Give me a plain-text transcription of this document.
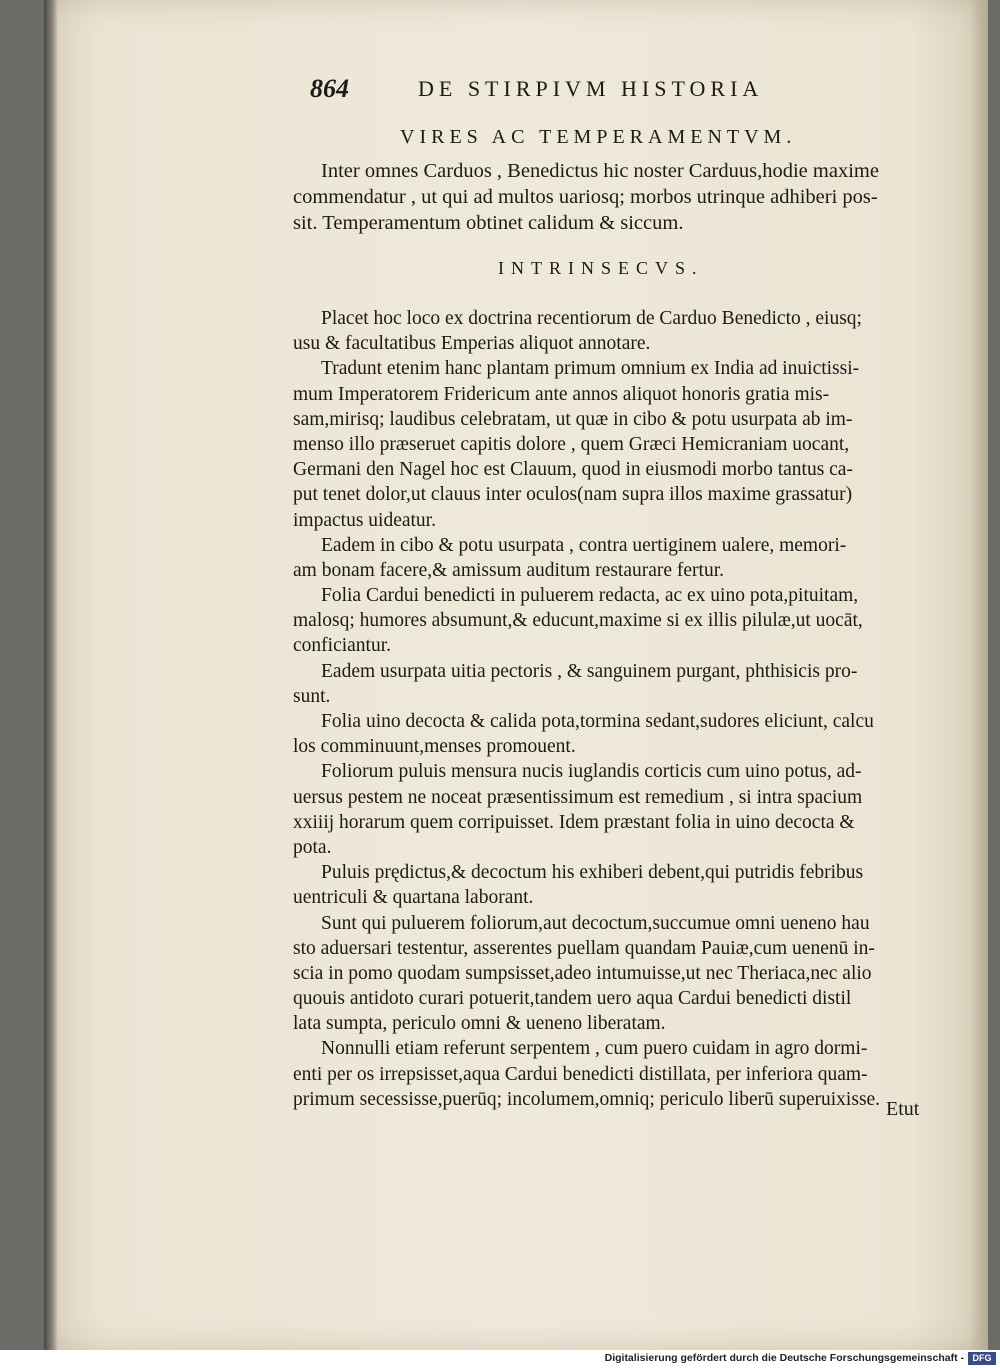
864	DE STIRPIVM HISTORIA
VIRES AC TEMPERAMENTVM.
Inter omnes Carduos , Benedictus hic noster Carduus,hodie maxime
commendatur , ut qui ad multos uariosq; morbos utrinque adhiberi pos-
sit. Temperamentum obtinet calidum & siccum.
INTRINSECVS.
Placet hoc loco ex doctrina recentiorum de Carduo Benedicto , eiusq;
usu & facultatibus Emperias aliquot annotare.
Tradunt etenim hanc plantam primum omnium ex India ad inuictissi-
mum Imperatorem Fridericum ante annos aliquot honoris gratia mis-
sam,mirisq; laudibus celebratam, ut quæ in cibo & potu usurpata ab im-
menso illo præseruet capitis dolore , quem Græci Hemicraniam uocant,
Germani den Nagel hoc est Clauum, quod in eiusmodi morbo tantus ca-
put tenet dolor,ut clauus inter oculos(nam supra illos maxime grassatur)
impactus uideatur.
Eadem in cibo & potu usurpata , contra uertiginem ualere, memori-
am bonam facere,& amissum auditum restaurare fertur.
Folia Cardui benedicti in puluerem redacta, ac ex uino pota,pituitam,
malosq; humores absumunt,& educunt,maxime si ex illis pilulæ,ut uocāt,
conficiantur.
Eadem usurpata uitia pectoris , & sanguinem purgant, phthisicis pro-
sunt.
Folia uino decocta & calida pota,tormina sedant,sudores eliciunt, calcu
los comminuunt,menses promouent.
Foliorum puluis mensura nucis iuglandis corticis cum uino potus, ad-
uersus pestem ne noceat præsentissimum est remedium , si intra spacium
xxiiij horarum quem corripuisset. Idem præstant folia in uino decocta &
pota.
Puluis prędictus,& decoctum his exhiberi debent,qui putridis febribus
uentriculi & quartana laborant.
Sunt qui puluerem foliorum,aut decoctum,succumue omni ueneno hau
sto aduersari testentur, asserentes puellam quandam Pauiæ,cum uenenū in-
scia in pomo quodam sumpsisset,adeo intumuisse,ut nec Theriaca,nec alio
quouis antidoto curari potuerit,tandem uero aqua Cardui benedicti distil
lata sumpta, periculo omni & ueneno liberatam.
Nonnulli etiam referunt serpentem , cum puero cuidam in agro dormi-
enti per os irrepsisset,aqua Cardui benedicti distillata, per inferiora quam-
primum secessisse,puerūq; incolumem,omniq; periculo liberū superuixisse. Etut
Digitalisierung gefördert durch die Deutsche Forschungsgemeinschaft - DFG
